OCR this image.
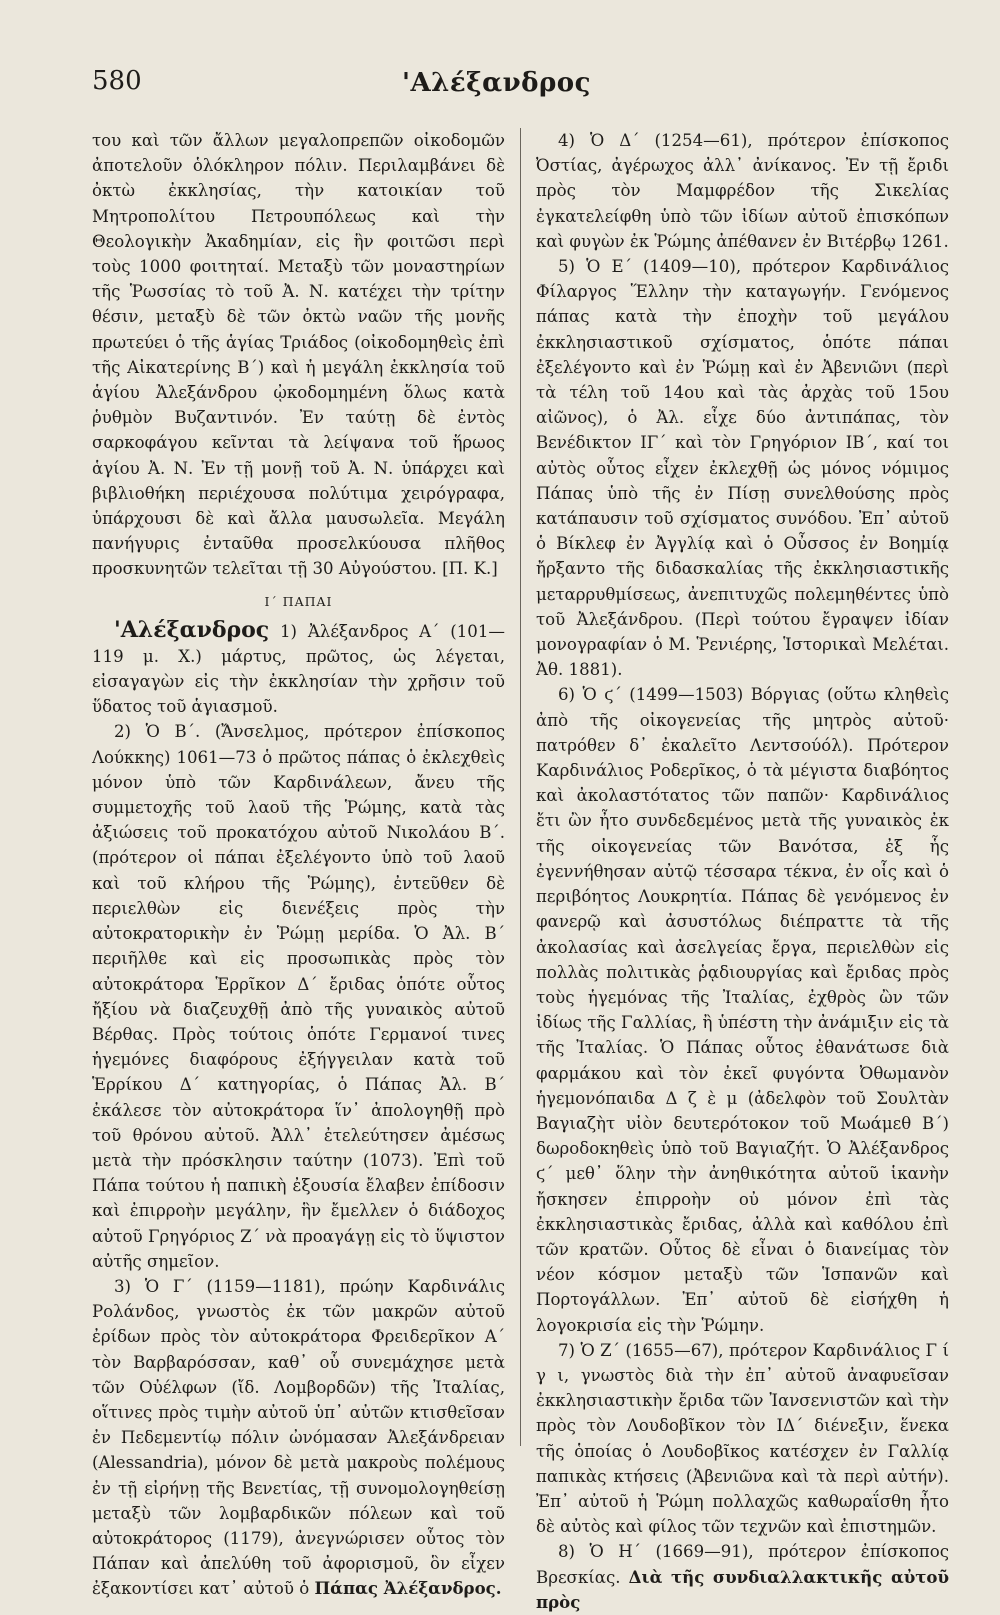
580	'Αλέξανδρος

του καὶ τῶν ἄλλων μεγαλοπρεπῶν οἰκοδομῶν ἀποτελοῦν ὁλόκληρον πόλιν. Περιλαμβάνει δὲ ὀκτὼ ἐκκλησίας, τὴν κατοικίαν τοῦ Μητροπολίτου Πετρουπόλεως καὶ τὴν Θεολογικὴν Ἀκαδημίαν, εἰς ἣν φοιτῶσι περὶ τοὺς 1000 φοιτηταί. Μεταξὺ τῶν μοναστηρίων τῆς Ῥωσσίας τὸ τοῦ Ἀ. Ν. κατέχει τὴν τρίτην θέσιν, μεταξὺ δὲ τῶν ὀκτὼ ναῶν τῆς μονῆς πρωτεύει ὁ τῆς ἁγίας Τριάδος (οἰκοδομηθεὶς ἐπὶ τῆς Αἰκατερίνης Β΄) καὶ ἡ μεγάλη ἐκκλησία τοῦ ἁγίου Ἀλεξάνδρου ᾠκοδομημένη ὅλως κατὰ ῥυθμὸν Βυζαντινόν. Ἐν ταύτῃ δὲ ἐντὸς σαρκοφάγου κεῖνται τὰ λείψανα τοῦ ἥρωος ἁγίου Ἀ. Ν. Ἐν τῇ μονῇ τοῦ Ἀ. Ν. ὑπάρχει καὶ βιβλιοθήκη περιέχουσα πολύτιμα χειρόγραφα, ὑπάρχουσι δὲ καὶ ἄλλα μαυσωλεῖα. Μεγάλη πανήγυρις ἐνταῦθα προσελκύουσα πλῆθος προσκυνητῶν τελεῖται τῇ 30 Αὐγούστου. [Π. Κ.]

Ι΄ ΠΑΠΑΙ

'Αλέξανδρος 1) Ἀλέξανδρος Α΄ (101—119 μ. Χ.) μάρτυς, πρῶτος, ὡς λέγεται, εἰσαγαγὼν εἰς τὴν ἐκκλησίαν τὴν χρῆσιν τοῦ ὕδατος τοῦ ἁγιασμοῦ.

2) Ὁ Β΄. (Ἄνσελμος, πρότερον ἐπίσκοπος Λούκκης) 1061—73 ὁ πρῶτος πάπας ὁ ἐκλεχθεὶς μόνον ὑπὸ τῶν Καρδινάλεων, ἄνευ τῆς συμμετοχῆς τοῦ λαοῦ τῆς Ῥώμης, κατὰ τὰς ἀξιώσεις τοῦ προκατόχου αὐτοῦ Νικολάου Β΄. (πρότερον οἱ πάπαι ἐξελέγοντο ὑπὸ τοῦ λαοῦ καὶ τοῦ κλήρου τῆς Ῥώμης), ἐντεῦθεν δὲ περιελθὼν εἰς διενέξεις πρὸς τὴν αὐτοκρατορικὴν ἐν Ῥώμῃ μερίδα. Ὁ Ἀλ. Β΄ περιῆλθε καὶ εἰς προσωπικὰς πρὸς τὸν αὐτοκράτορα Ἑρρῖκον Δ΄ ἔριδας ὁπότε οὗτος ἤξίου νὰ διαζευχθῇ ἀπὸ τῆς γυναικὸς αὐτοῦ Βέρθας. Πρὸς τούτοις ὁπότε Γερμανοί τινες ἡγεμόνες διαφόρους ἐξήγγειλαν κατὰ τοῦ Ἑρρίκου Δ΄ κατηγορίας, ὁ Πάπας Ἀλ. Β΄ ἐκάλεσε τὸν αὐτοκράτορα ἵν᾽ ἀπολογηθῇ πρὸ τοῦ θρόνου αὐτοῦ. Ἀλλ᾽ ἐτελεύτησεν ἀμέσως μετὰ τὴν πρόσκλησιν ταύτην (1073). Ἐπὶ τοῦ Πάπα τούτου ἡ παπικὴ ἐξουσία ἔλαβεν ἐπίδοσιν καὶ ἐπιρροὴν μεγάλην, ἣν ἔμελλεν ὁ διάδοχος αὐτοῦ Γρηγόριος Ζ΄ νὰ προαγάγῃ εἰς τὸ ὕψιστον αὐτῆς σημεῖον.

3) Ὁ Γ΄ (1159—1181), πρώην Καρδινάλις Ρολάνδος, γνωστὸς ἐκ τῶν μακρῶν αὐτοῦ ἐρίδων πρὸς τὸν αὐτοκράτορα Φρειδερῖκον Α΄ τὸν Βαρβαρόσσαν, καθ᾽ οὗ συνεμάχησε μετὰ τῶν Οὐέλφων (ἴδ. Λομβορδῶν) τῆς Ἰταλίας, οἵτινες πρὸς τιμὴν αὐτοῦ ὑπ᾽ αὐτῶν κτισθεῖσαν ἐν Πεδεμεντίῳ πόλιν ὠνόμασαν Ἀλεξάνδρειαν (Alessandria), μόνον δὲ μετὰ μακροὺς πολέμους ἐν τῇ εἰρήνῃ τῆς Βενετίας, τῇ συνομολογηθείσῃ μεταξὺ τῶν λομβαρδικῶν πόλεων καὶ τοῦ αὐτοκράτορος (1179), ἀνεγνώρισεν οὗτος τὸν Πάπαν καὶ ἀπελύθη τοῦ ἀφορισμοῦ, ὃν εἶχεν ἐξακοντίσει κατ᾽ αὐτοῦ ὁ Πάπας Ἀλέξανδρος.

4) Ὁ Δ΄ (1254—61), πρότερον ἐπίσκοπος Ὀστίας, ἀγέρωχος ἀλλ᾽ ἀνίκανος. Ἐν τῇ ἔριδι πρὸς τὸν Μαμφρέδον τῆς Σικελίας ἐγκατελείφθη ὑπὸ τῶν ἰδίων αὐτοῦ ἐπισκόπων καὶ φυγὼν ἐκ Ῥώμης ἀπέθανεν ἐν Βιτέρβῳ 1261.

5) Ὁ Ε΄ (1409—10), πρότερον Καρδινάλιος Φίλαργος Ἕλλην τὴν καταγωγήν. Γενόμενος πάπας κατὰ τὴν ἐποχὴν τοῦ μεγάλου ἐκκλησιαστικοῦ σχίσματος, ὁπότε πάπαι ἐξελέγοντο καὶ ἐν Ῥώμῃ καὶ ἐν Ἀβενιῶνι (περὶ τὰ τέλη τοῦ 14ου καὶ τὰς ἀρχὰς τοῦ 15ου αἰῶνος), ὁ Ἀλ. εἶχε δύο ἀντιπάπας, τὸν Βενέδικτον ΙΓ΄ καὶ τὸν Γρηγόριον ΙΒ΄, καί τοι αὐτὸς οὗτος εἶχεν ἐκλεχθῇ ὡς μόνος νόμιμος Πάπας ὑπὸ τῆς ἐν Πίσῃ συνελθούσης πρὸς κατάπαυσιν τοῦ σχίσματος συνόδου. Ἐπ᾽ αὐτοῦ ὁ Βίκλεφ ἐν Ἀγγλίᾳ καὶ ὁ Οὖσσος ἐν Βοημίᾳ ἤρξαντο τῆς διδασκαλίας τῆς ἐκκλησιαστικῆς μεταρρυθμίσεως, ἀνεπιτυχῶς πολεμηθέντες ὑπὸ τοῦ Ἀλεξάνδρου. (Περὶ τούτου ἔγραψεν ἰδίαν μονογραφίαν ὁ Μ. Ῥενιέρης, Ἱστορικαὶ Μελέται. Ἀθ. 1881).

6) Ὁ ϛ΄ (1499—1503) Βόργιας (οὕτω κληθεὶς ἀπὸ τῆς οἰκογενείας τῆς μητρὸς αὐτοῦ· πατρόθεν δ᾽ ἐκαλεῖτο Λεντσούόλ). Πρότερον Καρδινάλιος Ροδερῖκος, ὁ τὰ μέγιστα διαβόητος καὶ ἀκολαστότατος τῶν παπῶν· Καρδινάλιος ἔτι ὢν ἦτο συνδεδεμένος μετὰ τῆς γυναικὸς ἐκ τῆς οἰκογενείας τῶν Βανότσα, ἐξ ἧς ἐγεννήθησαν αὐτῷ τέσσαρα τέκνα, ἐν οἷς καὶ ὁ περιβόητος Λουκρητία. Πάπας δὲ γενόμενος ἐν φανερῷ καὶ ἀσυστόλως διέπραττε τὰ τῆς ἀκολασίας καὶ ἀσελγείας ἔργα, περιελθὼν εἰς πολλὰς πολιτικὰς ῥᾳδιουργίας καὶ ἔριδας πρὸς τοὺς ἡγεμόνας τῆς Ἰταλίας, ἐχθρὸς ὢν τῶν ἰδίως τῆς Γαλλίας, ἢ ὑπέστη τὴν ἀνάμιξιν εἰς τὰ τῆς Ἰταλίας. Ὁ Πάπας οὗτος ἐθανάτωσε διὰ φαρμάκου καὶ τὸν ἐκεῖ φυγόντα Ὀθωμανὸν ἡγεμονόπαιδα Δ ζ ὲ μ (ἀδελφὸν τοῦ Σουλτὰν Βαγιαζὴτ υἱὸν δευτερότοκον τοῦ Μωάμεθ Β΄) δωροδοκηθεὶς ὑπὸ τοῦ Βαγιαζήτ. Ὁ Ἀλέξανδρος ϛ΄ μεθ᾽ ὅλην τὴν ἀνηθικότητα αὐτοῦ ἱκανὴν ἤσκησεν ἐπιρροὴν οὐ μόνον ἐπὶ τὰς ἐκκλησιαστικὰς ἔριδας, ἀλλὰ καὶ καθόλου ἐπὶ τῶν κρατῶν. Οὗτος δὲ εἶναι ὁ διανείμας τὸν νέον κόσμον μεταξὺ τῶν Ἱσπανῶν καὶ Πορτογάλλων. Ἐπ᾽ αὐτοῦ δὲ εἰσήχθη ἡ λογοκρισία εἰς τὴν Ῥώμην.

7) Ὁ Ζ΄ (1655—67), πρότερον Καρδινάλιος Γ ί γ ι, γνωστὸς διὰ τὴν ἐπ᾽ αὐτοῦ ἀναφυεῖσαν ἐκκλησιαστικὴν ἔριδα τῶν Ἰανσενιστῶν καὶ τὴν πρὸς τὸν Λουδοβῖκον τὸν ΙΔ΄ διένεξιν, ἕνεκα τῆς ὁποίας ὁ Λουδοβῖκος κατέσχεν ἐν Γαλλίᾳ παπικὰς κτήσεις (Ἀβενιῶνα καὶ τὰ περὶ αὐτήν). Ἐπ᾽ αὐτοῦ ἡ Ῥώμη πολλαχῶς καθωραΐσθη ἦτο δὲ αὐτὸς καὶ φίλος τῶν τεχνῶν καὶ ἐπιστημῶν.

8) Ὁ Η΄ (1669—91), πρότερον ἐπίσκοπος Βρεσκίας. Διὰ τῆς συνδιαλλακτικῆς αὐτοῦ πρὸς
